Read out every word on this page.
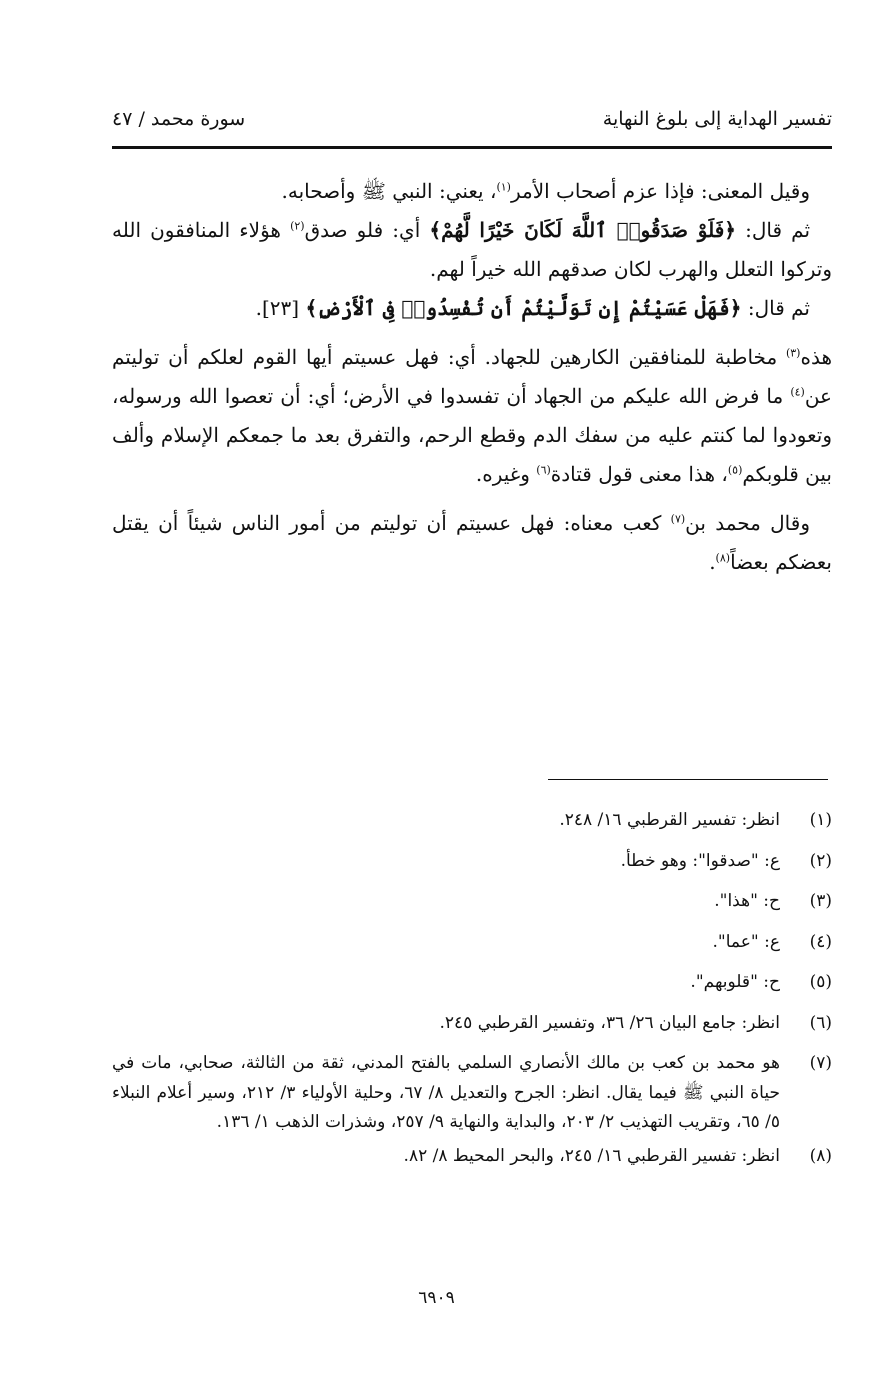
تفسير الهداية إلى بلوغ النهاية
سورة محمد / ٤٧

وقيل المعنى: فإذا عزم أصحاب الأمر$^{(١)}$، يعني: النبي ﷺ وأصحابه.

ثم قال: ﴿فَلَوْ صَدَقُوا۟ ٱللَّهَ لَكَانَ خَيْرًا لَّهُمْ﴾ أي: فلو صدق$^{(٢)}$ هؤلاء المنافقون الله وتركوا التعلل والهرب لكان صدقهم الله خيراً لهم.

ثم قال: ﴿فَهَلْ عَسَيْتُمْ إِن تَوَلَّيْتُمْ أَن تُفْسِدُوا۟ فِى ٱلْأَرْضِ﴾ [٢٣].

هذه$^{(٣)}$ مخاطبة للمنافقين الكارهين للجهاد. أي: فهل عسيتم أيها القوم لعلكم أن توليتم عن$^{(٤)}$ ما فرض الله عليكم من الجهاد أن تفسدوا في الأرض؛ أي: أن تعصوا الله ورسوله، وتعودوا لما كنتم عليه من سفك الدم وقطع الرحم، والتفرق بعد ما جمعكم الإسلام وألف بين قلوبكم$^{(٥)}$، هذا معنى قول قتادة$^{(٦)}$ وغيره.

وقال محمد بن$^{(٧)}$ كعب معناه: فهل عسيتم أن توليتم من أمور الناس شيئاً أن يقتل بعضكم بعضاً$^{(٨)}$.

(١)
انظر: تفسير القرطبي ١٦/ ٢٤٨.
(٢)
ع: "صدقوا": وهو خطأ.
(٣)
ح: "هذا".
(٤)
ع: "عما".
(٥)
ح: "قلوبهم".
(٦)
انظر: جامع البيان ٢٦/ ٣٦، وتفسير القرطبي ٢٤٥.
(٧)
هو محمد بن كعب بن مالك الأنصاري السلمي بالفتح المدني، ثقة من الثالثة، صحابي، مات في حياة النبي ﷺ فيما يقال. انظر: الجرح والتعديل ٨/ ٦٧، وحلية الأولياء ٣/ ٢١٢، وسير أعلام النبلاء ٥/ ٦٥، وتقريب التهذيب ٢/ ٢٠٣، والبداية والنهاية ٩/ ٢٥٧، وشذرات الذهب ١/ ١٣٦.
(٨)
انظر: تفسير القرطبي ١٦/ ٢٤٥، والبحر المحيط ٨/ ٨٢.
٦٩٠٩
